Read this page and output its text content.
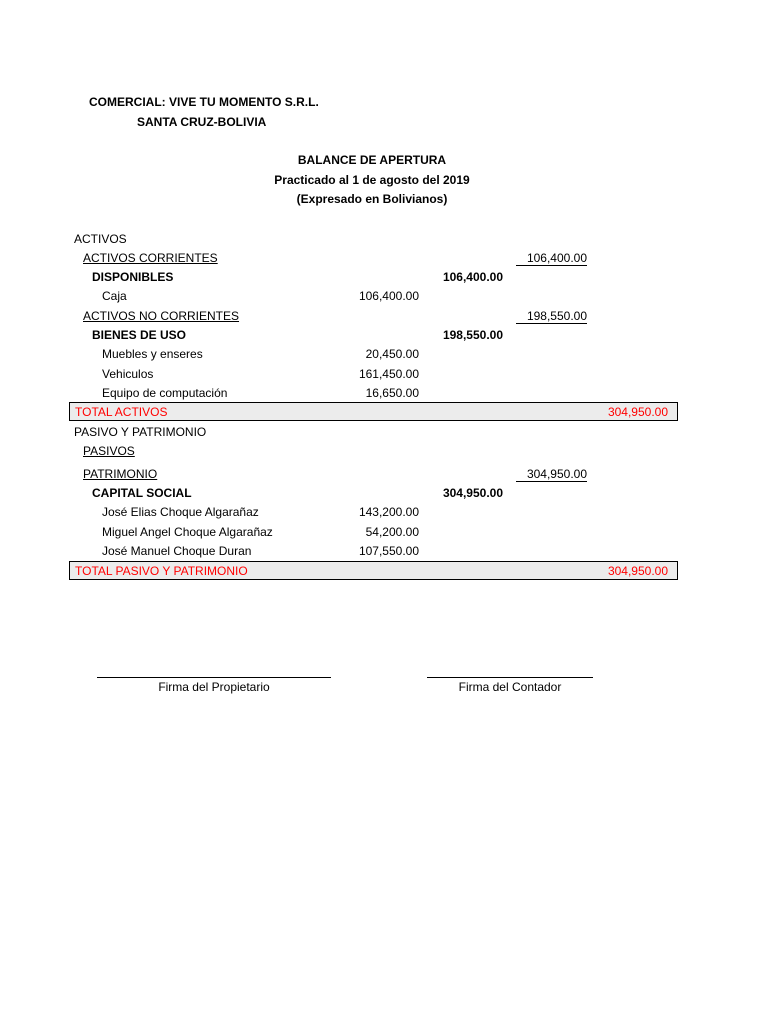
COMERCIAL: VIVE TU MOMENTO S.R.L.
SANTA CRUZ-BOLIVIA
BALANCE DE APERTURA
Practicado al 1 de agosto del 2019
(Expresado en Bolivianos)
ACTIVOS
ACTIVOS CORRIENTES	106,400.00
DISPONIBLES	106,400.00
Caja	106,400.00
ACTIVOS NO CORRIENTES	198,550.00
BIENES DE USO	198,550.00
Muebles y enseres	20,450.00
Vehiculos	161,450.00
Equipo de computación	16,650.00
TOTAL ACTIVOS	304,950.00
PASIVO Y PATRIMONIO
PASIVOS
PATRIMONIO	304,950.00
CAPITAL SOCIAL	304,950.00
José Elias Choque Algarañaz	143,200.00
Miguel Angel Choque Algarañaz	54,200.00
José Manuel Choque Duran	107,550.00
TOTAL PASIVO Y PATRIMONIO	304,950.00
Firma del Propietario	Firma del Contador
